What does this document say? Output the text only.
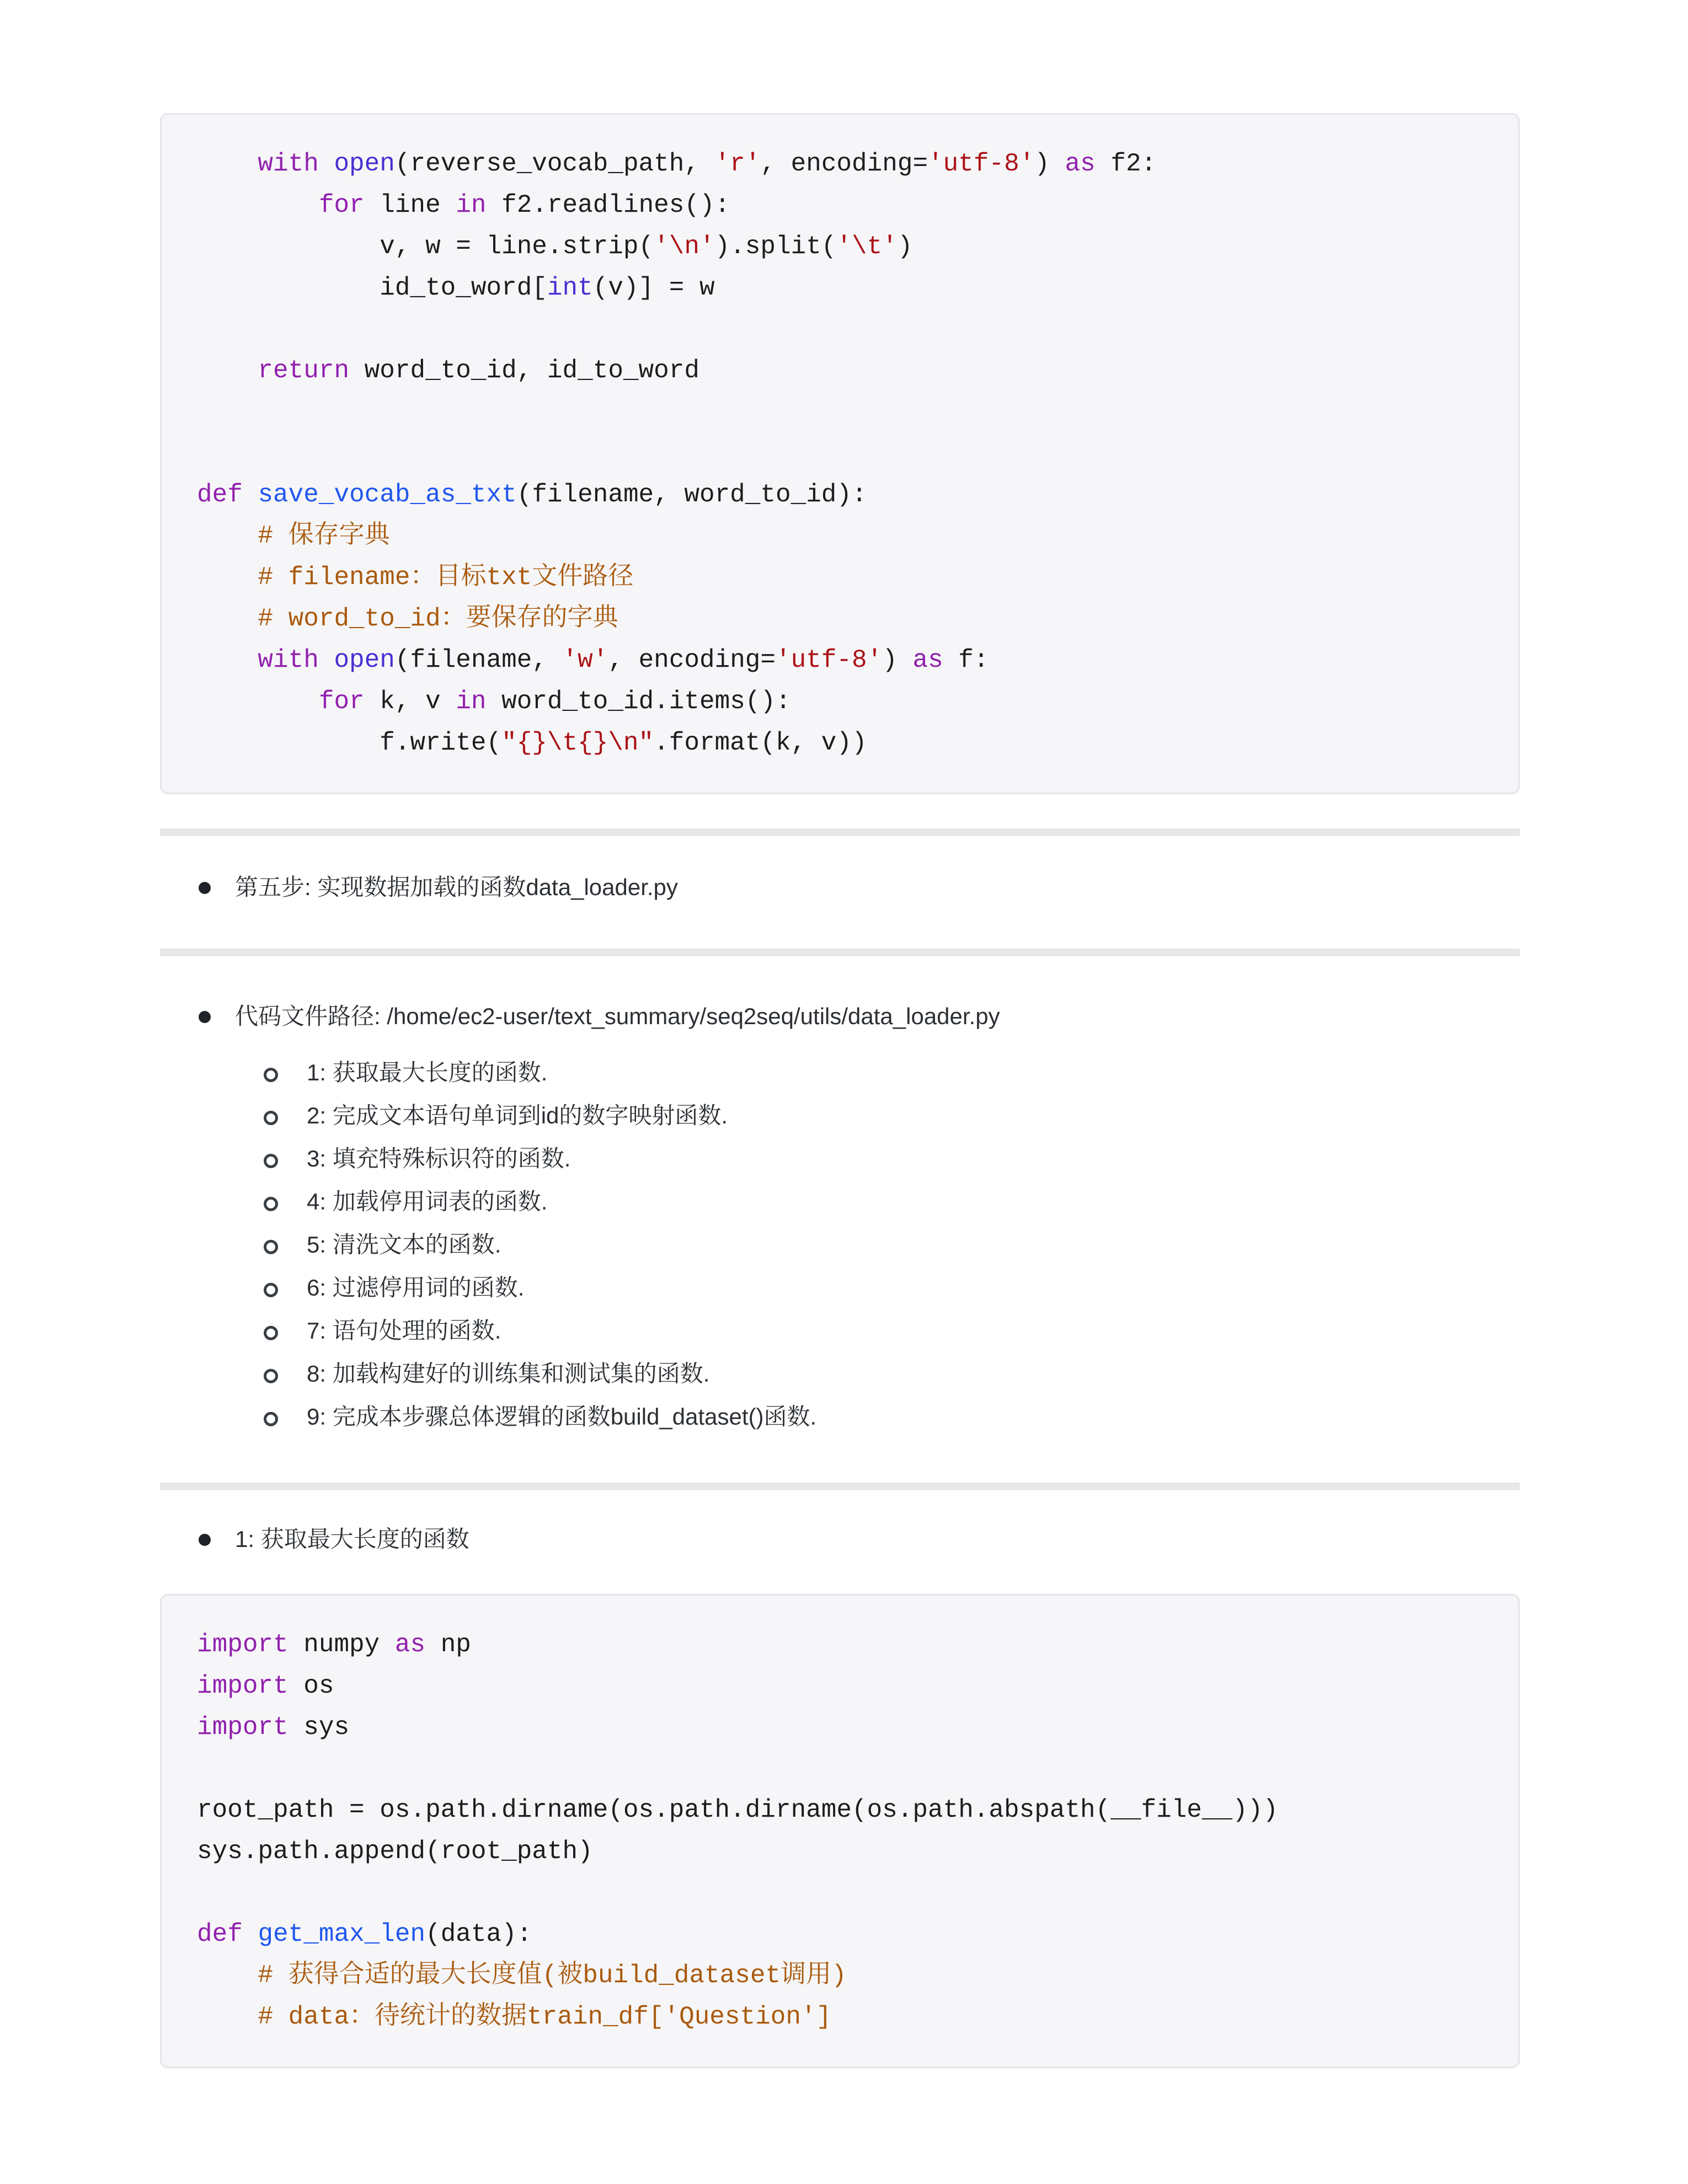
with open(reverse_vocab_path, 'r', encoding='utf-8') as f2:
for line in f2.readlines():
v, w = line.strip('\n').split('\t')
id_to_word[int(v)] = w
return word_to_id, id_to_word
def save_vocab_as_txt(filename, word_to_id):
# 保存字典
# filename：目标txt文件路径
# word_to_id：要保存的字典
with open(filename, 'w', encoding='utf-8') as f:
for k, v in word_to_id.items():
f.write("{}\t{}\n".format(k, v))
第五步: 实现数据加载的函数data_loader.py
代码文件路径: /home/ec2-user/text_summary/seq2seq/utils/data_loader.py
1: 获取最大长度的函数.
2: 完成文本语句单词到id的数字映射函数.
3: 填充特殊标识符的函数.
4: 加载停用词表的函数.
5: 清洗文本的函数.
6: 过滤停用词的函数.
7: 语句处理的函数.
8: 加载构建好的训练集和测试集的函数.
9: 完成本步骤总体逻辑的函数build_dataset()函数.
1: 获取最大长度的函数
import numpy as np
import os
import sys
root_path = os.path.dirname(os.path.dirname(os.path.abspath(__file__)))
sys.path.append(root_path)
def get_max_len(data):
# 获得合适的最大长度值(被build_dataset调用)
# data：待统计的数据train_df['Question']
